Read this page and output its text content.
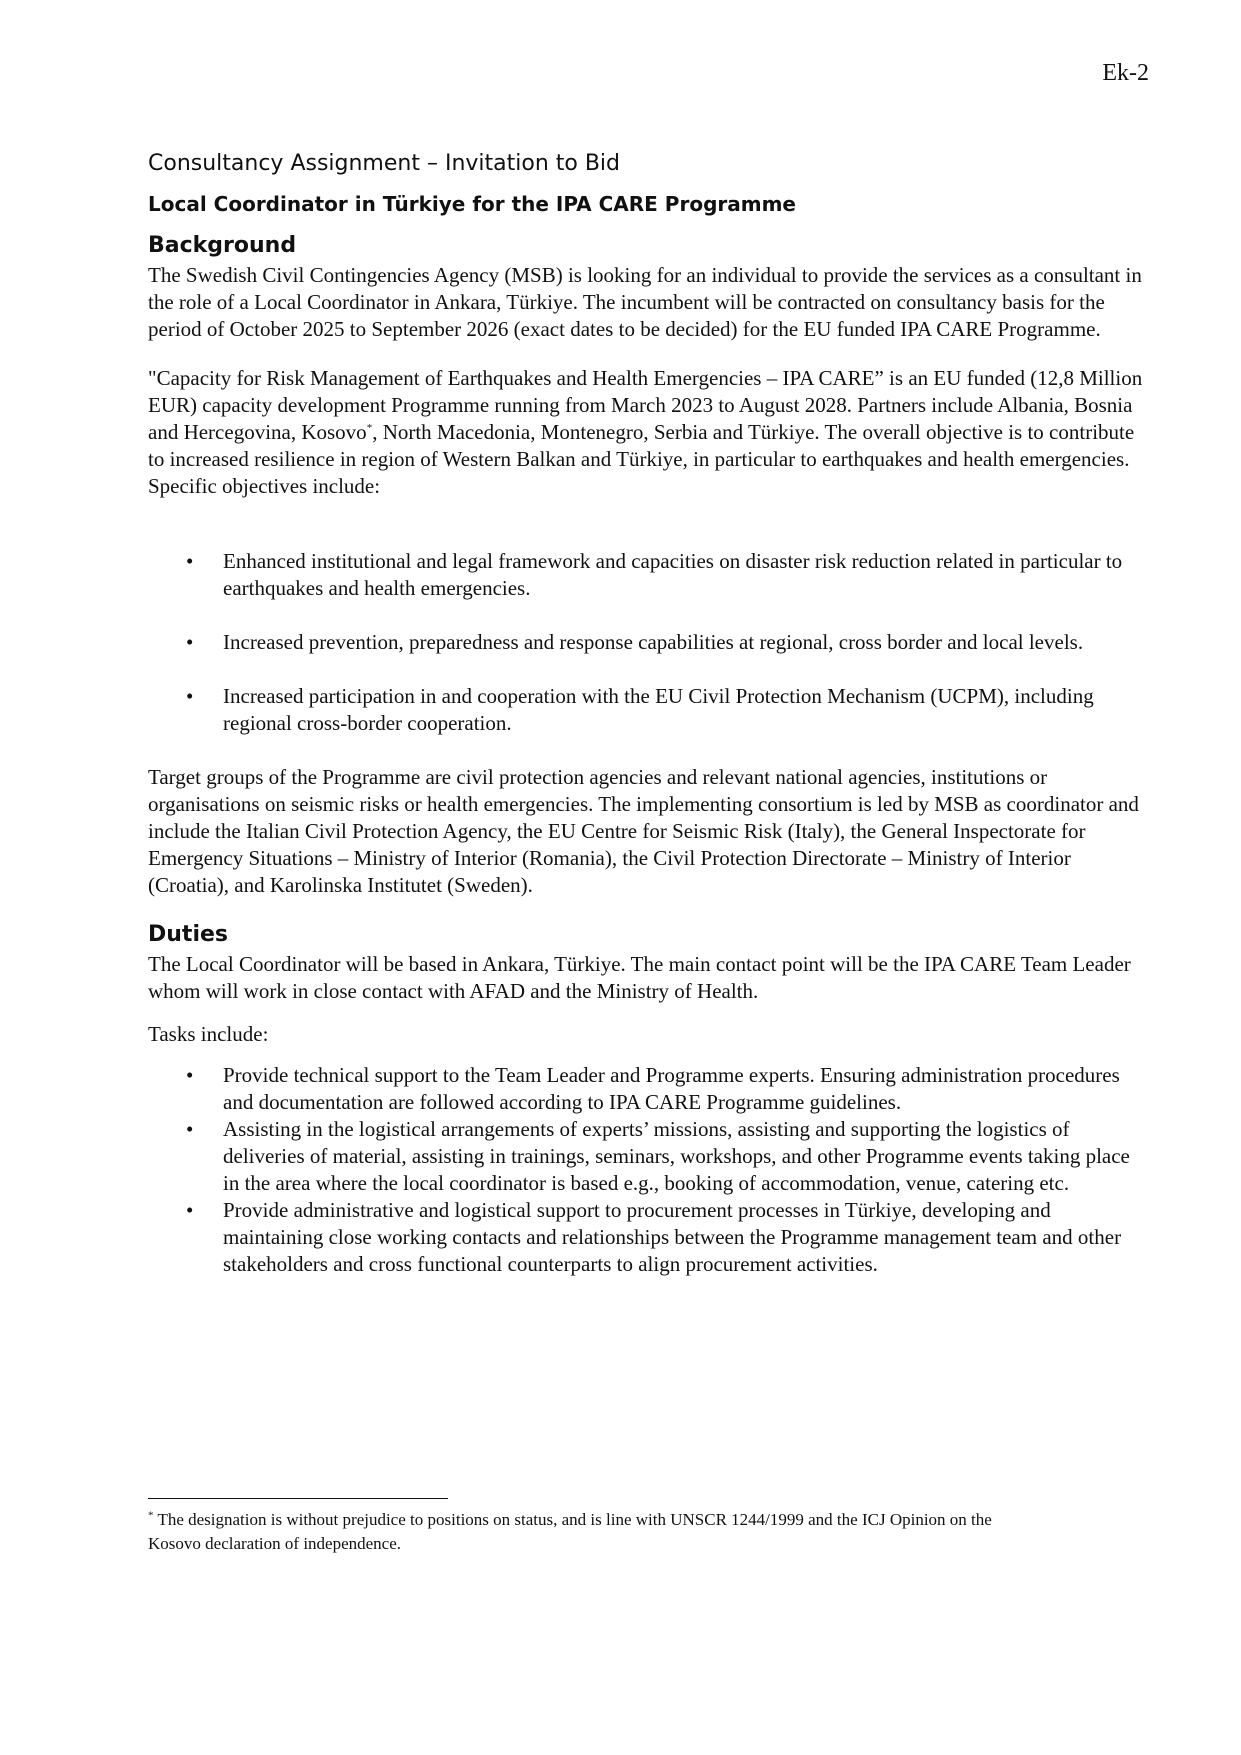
Ek-2
Consultancy Assignment – Invitation to Bid
Local Coordinator in Türkiye for the IPA CARE Programme
Background

The Swedish Civil Contingencies Agency (MSB) is looking for an individual to provide the services as a consultant in the role of a Local Coordinator in Ankara, Türkiye. The incumbent will be contracted on consultancy basis for the period of October 2025 to September 2026 (exact dates to be decided) for the EU funded IPA CARE Programme.

"Capacity for Risk Management of Earthquakes and Health Emergencies – IPA CARE” is an EU funded (12,8 Million EUR) capacity development Programme running from March 2023 to August 2028. Partners include Albania, Bosnia and Hercegovina, Kosovo*, North Macedonia, Montenegro, Serbia and Türkiye. The overall objective is to contribute to increased resilience in region of Western Balkan and Türkiye, in particular to earthquakes and health emergencies. Specific objectives include:

• Enhanced institutional and legal framework and capacities on disaster risk reduction related in particular to earthquakes and health emergencies.
• Increased prevention, preparedness and response capabilities at regional, cross border and local levels.
• Increased participation in and cooperation with the EU Civil Protection Mechanism (UCPM), including regional cross-border cooperation.

Target groups of the Programme are civil protection agencies and relevant national agencies, institutions or organisations on seismic risks or health emergencies. The implementing consortium is led by MSB as coordinator and include the Italian Civil Protection Agency, the EU Centre for Seismic Risk (Italy), the General Inspectorate for Emergency Situations – Ministry of Interior (Romania), the Civil Protection Directorate – Ministry of Interior (Croatia), and Karolinska Institutet (Sweden).

Duties

The Local Coordinator will be based in Ankara, Türkiye. The main contact point will be the IPA CARE Team Leader whom will work in close contact with AFAD and the Ministry of Health.

Tasks include:

• Provide technical support to the Team Leader and Programme experts. Ensuring administration procedures and documentation are followed according to IPA CARE Programme guidelines.
• Assisting in the logistical arrangements of experts’ missions, assisting and supporting the logistics of deliveries of material, assisting in trainings, seminars, workshops, and other Programme events taking place in the area where the local coordinator is based e.g., booking of accommodation, venue, catering etc.
• Provide administrative and logistical support to procurement processes in Türkiye, developing and maintaining close working contacts and relationships between the Programme management team and other stakeholders and cross functional counterparts to align procurement activities.
* The designation is without prejudice to positions on status, and is line with UNSCR 1244/1999 and the ICJ Opinion on the Kosovo declaration of independence.
